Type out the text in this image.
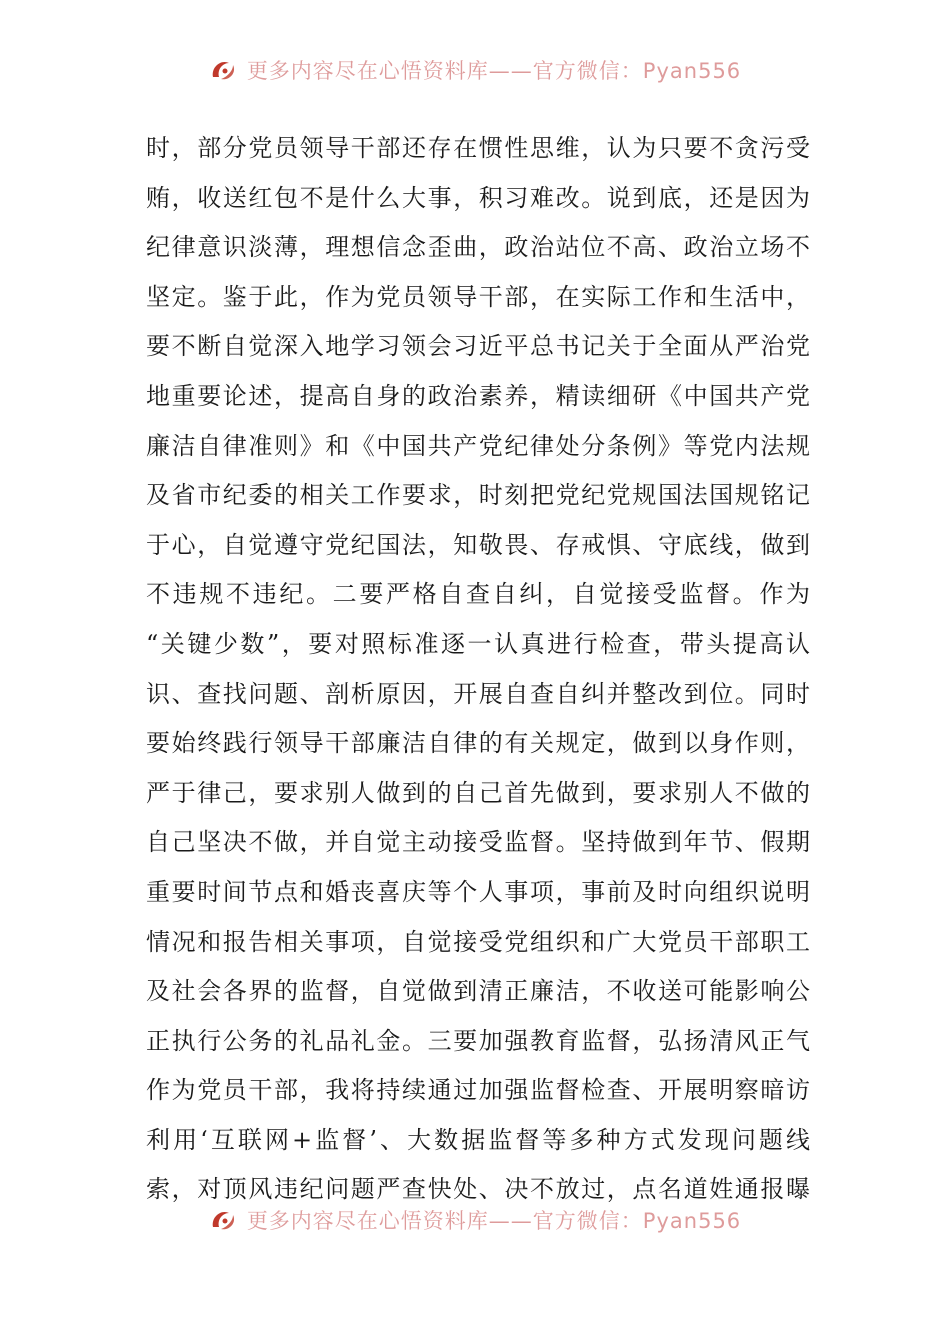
更多内容尽在心悟资料库——官方微信：Pyan556
时，部分党员领导干部还存在惯性思维，认为只要不贪污受
贿，收送红包不是什么大事，积习难改。说到底，还是因为
纪律意识淡薄，理想信念歪曲，政治站位不高、政治立场不
坚定。鉴于此，作为党员领导干部，在实际工作和生活中，
要不断自觉深入地学习领会习近平总书记关于全面从严治党
地重要论述，提高自身的政治素养，精读细研《中国共产党
廉洁自律准则》和《中国共产党纪律处分条例》等党内法规
及省市纪委的相关工作要求，时刻把党纪党规国法国规铭记
于心，自觉遵守党纪国法，知敬畏、存戒惧、守底线，做到
不违规不违纪。二要严格自查自纠，自觉接受监督。作为
“关键少数”，要对照标准逐一认真进行检查，带头提高认
识、查找问题、剖析原因，开展自查自纠并整改到位。同时
要始终践行领导干部廉洁自律的有关规定，做到以身作则，
严于律己，要求别人做到的自己首先做到，要求别人不做的
自己坚决不做，并自觉主动接受监督。坚持做到年节、假期
重要时间节点和婚丧喜庆等个人事项，事前及时向组织说明
情况和报告相关事项，自觉接受党组织和广大党员干部职工
及社会各界的监督，自觉做到清正廉洁，不收送可能影响公
正执行公务的礼品礼金。三要加强教育监督，弘扬清风正气
作为党员干部，我将持续通过加强监督检查、开展明察暗访
利用‘互联网+监督’、大数据监督等多种方式发现问题线
索，对顶风违纪问题严查快处、决不放过，点名道姓通报曝
更多内容尽在心悟资料库——官方微信：Pyan556
